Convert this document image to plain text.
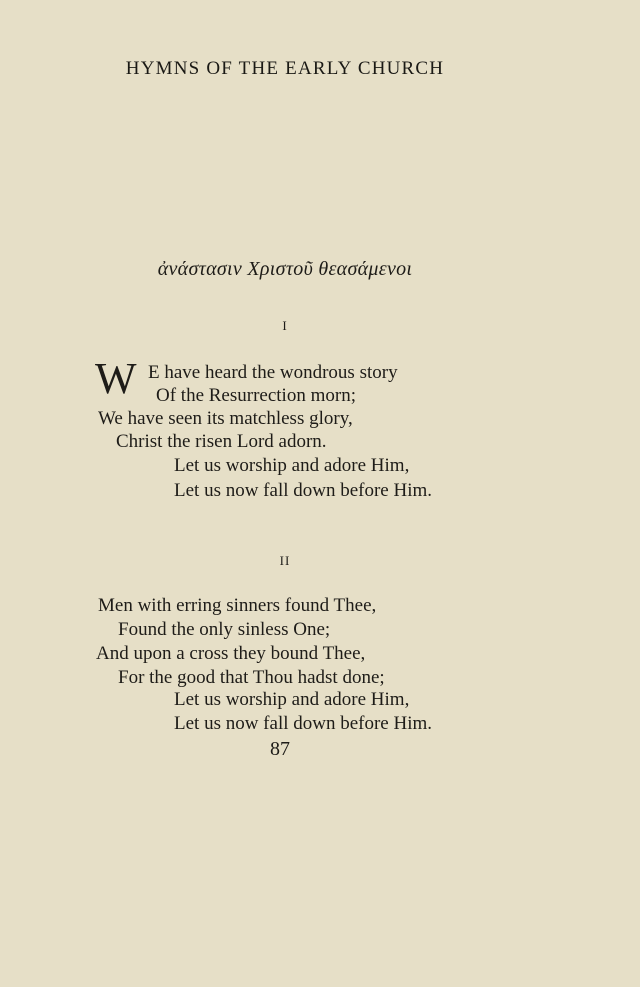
HYMNS OF THE EARLY CHURCH
ἀνάστασιν Χριστοῦ θεασάμενοι
I
W E have heard the wondrous story
Of the Resurrection morn;
We have seen its matchless glory,
Christ the risen Lord adorn.
Let us worship and adore Him,
Let us now fall down before Him.
II
Men with erring sinners found Thee,
Found the only sinless One;
And upon a cross they bound Thee,
For the good that Thou hadst done;
Let us worship and adore Him,
Let us now fall down before Him.
87
